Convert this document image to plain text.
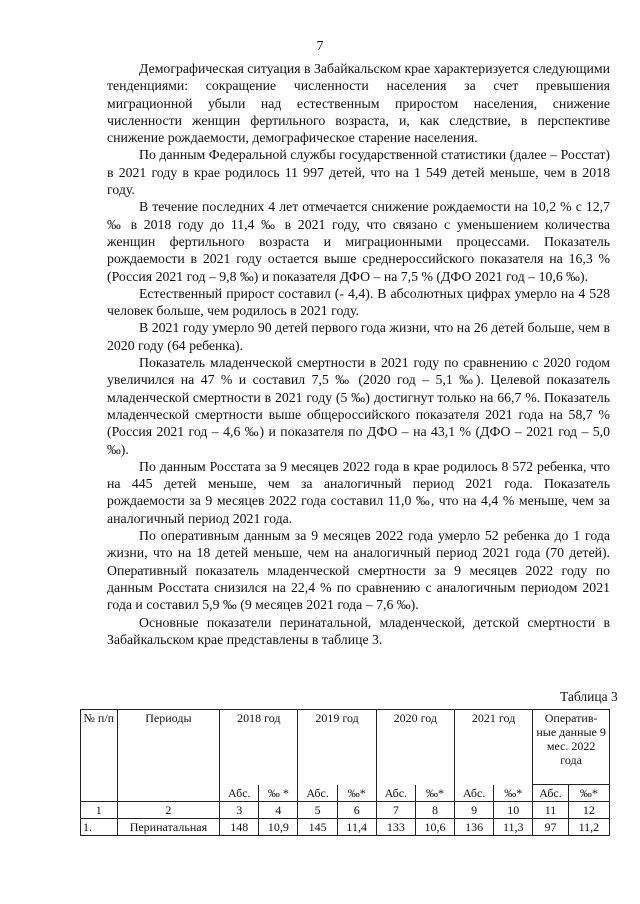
7

Демографическая ситуация в Забайкальском крае характеризуется следующими тенденциями: сокращение численности населения за счет превышения миграционной убыли над естественным приростом населения, снижение численности женщин фертильного возраста, и, как следствие, в перспективе снижение рождаемости, демографическое старение населения.

По данным Федеральной службы государственной статистики (далее – Росстат) в 2021 году в крае родилось 11 997 детей, что на 1 549 детей меньше, чем в 2018 году.

В течение последних 4 лет отмечается снижение рождаемости на 10,2 % с 12,7 ‰ в 2018 году до 11,4 ‰ в 2021 году, что связано с уменьшением количества женщин фертильного возраста и миграционными процессами. Показатель рождаемости в 2021 году остается выше среднероссийского показателя на 16,3 % (Россия 2021 год – 9,8 ‰) и показателя ДФО – на 7,5 % (ДФО 2021 год – 10,6 ‰).

Естественный прирост составил (- 4,4). В абсолютных цифрах умерло на 4 528 человек больше, чем родилось в 2021 году.

В 2021 году умерло 90 детей первого года жизни, что на 26 детей больше, чем в 2020 году (64 ребенка).

Показатель младенческой смертности в 2021 году по сравнению с 2020 годом увеличился на 47 % и составил 7,5 ‰ (2020 год – 5,1 ‰). Целевой показатель младенческой смертности в 2021 году (5 ‰) достигнут только на 66,7 %. Показатель младенческой смертности выше общероссийского показателя 2021 года на 58,7 % (Россия 2021 год – 4,6 ‰) и показателя по ДФО – на 43,1 % (ДФО – 2021 год – 5,0 ‰).

По данным Росстата за 9 месяцев 2022 года в крае родилось 8 572 ребенка, что на 445 детей меньше, чем за аналогичный период 2021 года. Показатель рождаемости за 9 месяцев 2022 года составил 11,0 ‰, что на 4,4 % меньше, чем за аналогичный период 2021 года.

По оперативным данным за 9 месяцев 2022 года умерло 52 ребенка до 1 года жизни, что на 18 детей меньше, чем на аналогичный период 2021 года (70 детей). Оперативный показатель младенческой смертности за 9 месяцев 2022 году по данным Росстата снизился на 22,4 % по сравнению с аналогичным периодом 2021 года и составил 5,9 ‰ (9 месяцев 2021 года – 7,6 ‰).

Основные показатели перинатальной, младенческой, детской смертности в Забайкальском крае представлены в таблице 3.

Таблица 3
№ п/п	Периоды	2018 год		2019 год		2020 год		2021 год		Оператив-ные данные 9 мес. 2022 года	
		Абс.	‰ *	Абс.	‰*	Абс.	‰*	Абс.	‰*	Абс.	‰*
1	2	3	4	5	6	7	8	9	10	11	12
1.	Перинатальная	148	10,9	145	11,4	133	10,6	136	11,3	97	11,2
